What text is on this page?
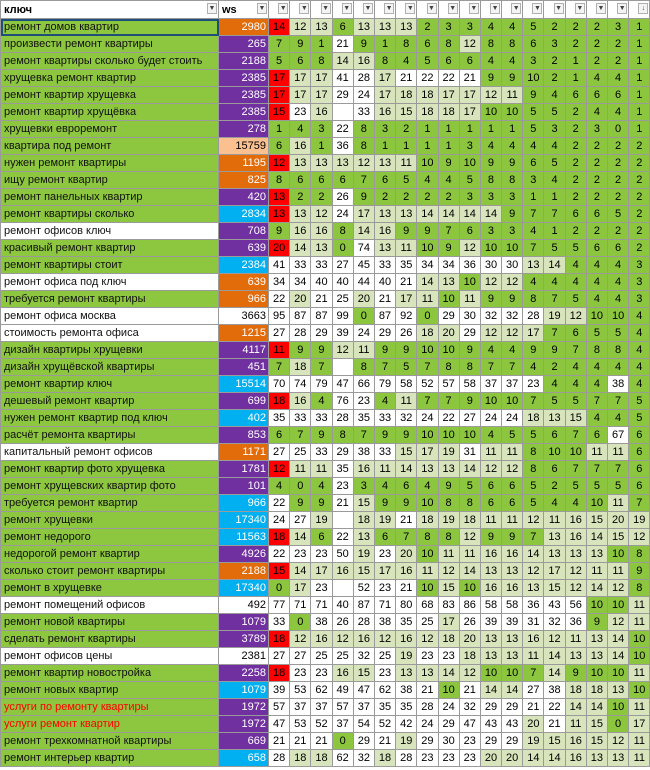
ключ ▼	ws ▼	▼	▼	▼	▼	▼	▼	▼	▼	▼	▼	▼	▼	▼	▼	▼	▼	▼	↓

ремонт домов квартир	2980	14	12	13	6	13	13	13	2	3	3	4	4	5	2	2	2	3	1
произвести ремонт квартиры	265	7	9	1	21	9	1	8	6	8	12	8	8	6	3	2	2	2	1
ремонт квартиры сколько будет стоить	2188	5	6	8	14	16	8	4	5	6	6	4	4	3	2	1	2	2	1
хрущевка ремонт квартир	2385	17	17	17	41	28	17	21	22	22	21	9	9	10	2	1	4	4	1
ремонт квартир хрущевка	2385	17	17	17	29	24	17	18	18	17	17	12	11	9	4	6	6	6	1
ремонт квартир хрущёвка	2385	15	23	16		33	16	15	18	18	17	10	10	5	5	2	4	4	1
хрущевки евроремонт	278	1	4	3	22	8	3	2	1	1	1	1	1	5	3	2	3	0	1
квартира под ремонт	15759	6	16	1	36	8	1	1	1	1	3	4	4	4	4	2	2	2	2
нужен ремонт квартиры	1195	12	13	13	13	12	13	11	10	9	10	9	9	6	5	2	2	2	2
ищу ремонт квартир	825	8	6	6	6	7	6	5	4	4	5	8	8	3	4	2	2	2	2
ремонт панельных квартир	420	13	2	2	26	9	2	2	2	2	3	3	3	1	1	2	2	2	2
ремонт квартиры сколько	2834	13	13	12	24	17	13	13	14	14	14	14	9	7	7	6	6	5	2
ремонт офисов ключ	708	9	16	16	8	14	16	9	9	7	6	3	3	4	1	2	2	2	2
красивый ремонт квартир	639	20	14	13	0	74	13	11	10	9	12	10	10	7	5	5	6	6	2
ремонт квартиры стоит	2384	41	33	33	27	45	33	35	34	34	36	30	30	13	14	4	4	4	3
ремонт офиса под ключ	639	34	34	40	40	44	40	21	14	13	10	12	12	4	4	4	4	4	3
требуется ремонт квартиры	966	22	20	21	25	20	21	17	11	10	11	9	9	8	7	5	4	4	3
ремонт офиса москва	3663	95	87	87	99	0	87	92	0	29	30	32	32	28	19	12	10	10	4
стоимость ремонта офиса	1215	27	28	29	39	24	29	26	18	20	29	12	12	17	7	6	5	5	4
дизайн квартиры хрущевки	4117	11	9	9	12	11	9	9	10	10	9	4	4	9	9	7	8	8	4
дизайн хрущёвской квартиры	451	7	18	7		8	7	5	7	8	8	7	7	4	2	4	4	4	4
ремонт квартир ключ	15514	70	74	79	47	66	79	58	52	57	58	37	37	23	4	4	4	38	4
дешевый ремонт квартир	699	18	16	4	76	23	4	11	7	7	9	10	10	7	5	5	7	7	5
нужен ремонт квартир под ключ	402	35	33	33	28	35	33	32	24	22	27	24	24	18	13	15	4	4	5
расчёт ремонта квартиры	853	6	7	9	8	7	9	9	10	10	10	4	5	5	6	7	6	67	6
капитальный ремонт офисов	1171	27	25	33	29	38	33	15	17	19	31	11	11	8	10	10	11	11	6
ремонт квартир фото хрущевка	1781	12	11	11	35	16	11	14	13	13	14	12	12	8	6	7	7	7	6
ремонт хрущевских квартир фото	101	4	0	4	23	3	4	6	4	9	5	6	6	5	2	5	5	5	6
требуется ремонт квартир	966	22	9	9	21	15	9	9	10	8	8	6	6	5	4	4	10	11	7
ремонт хрущевки	17340	24	27	19		18	19	21	18	19	18	11	11	12	11	16	15	20	19
ремонт недорого	11563	18	14	6	22	13	6	7	8	8	12	9	9	7	13	16	14	15	12
недорогой ремонт квартир	4926	22	23	23	50	19	23	20	10	11	11	16	16	14	13	13	13	10	8
сколько стоит ремонт квартиры	2188	15	14	17	16	15	17	16	11	12	14	13	13	12	17	12	11	11	9
ремонт в хрущевке	17340	0	17	23		52	23	21	10	15	10	16	16	13	15	12	14	12	8
ремонт помещений офисов	492	77	71	71	40	87	71	80	68	83	86	58	58	36	43	56	10	10	11
ремонт новой квартиры	1079	33	0	38	26	28	38	35	25	17	26	39	39	31	32	36	9	12	11
сделать ремонт квартиры	3789	18	12	16	12	16	12	16	12	18	20	13	13	16	12	11	13	14	10
ремонт офисов цены	2381	27	27	25	25	32	25	19	23	23	18	13	13	11	14	13	13	14	10
ремонт квартир новостройка	2258	18	23	23	16	15	23	13	13	14	12	10	10	7	14	9	10	10	11
ремонт новых квартир	1079	39	53	62	49	47	62	38	21	10	21	14	14	27	38	18	18	13	10
услуги по ремонту квартиры	1972	57	37	37	57	37	35	35	28	24	32	29	29	21	22	14	14	10	11
услуги ремонт квартир	1972	47	53	52	37	54	52	42	24	29	47	43	43	20	21	11	15	0	17
ремонт трехкомнатной квартиры	669	21	21	21	0	29	21	19	29	30	23	29	29	19	15	16	15	12	11
ремонт интерьер квартир	658	28	18	18	62	32	18	28	23	23	23	20	20	14	14	16	13	13	11
